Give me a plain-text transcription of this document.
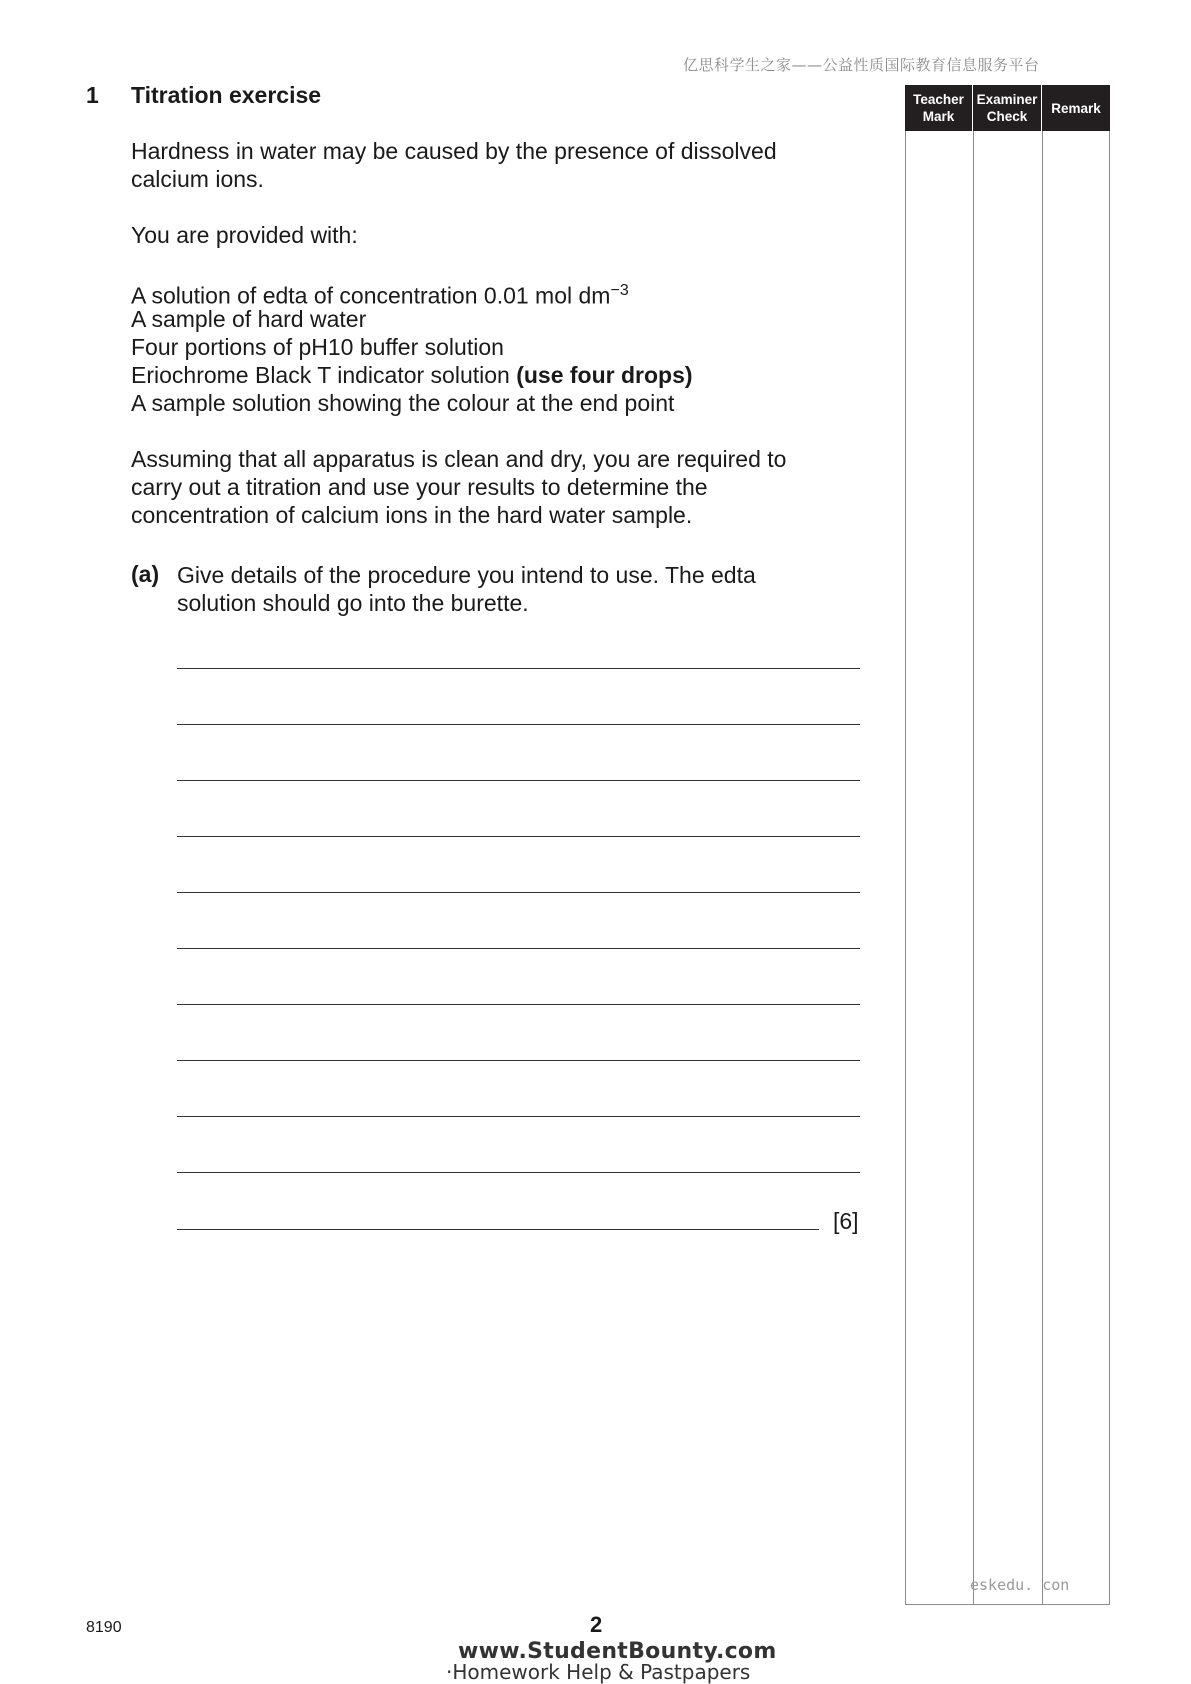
亿思科学生之家——公益性质国际教育信息服务平台
1 Titration exercise
Hardness in water may be caused by the presence of dissolved
calcium ions.
You are provided with:
A solution of edta of concentration 0.01 mol $dm^{-3}$
A sample of hard water
Four portions of pH10 buffer solution
Eriochrome Black T indicator solution (use four drops)
A sample solution showing the colour at the end point
Assuming that all apparatus is clean and dry, you are required to
carry out a titration and use your results to determine the
concentration of calcium ions in the hard water sample.
(a) Give details of the procedure you intend to use. The edta
solution should go into the burette.
[6]
Teacher
Mark
Examiner
Check
Remark
eskedu. con
8190	2
www.StudentBounty.com
·Homework Help & Pastpapers
